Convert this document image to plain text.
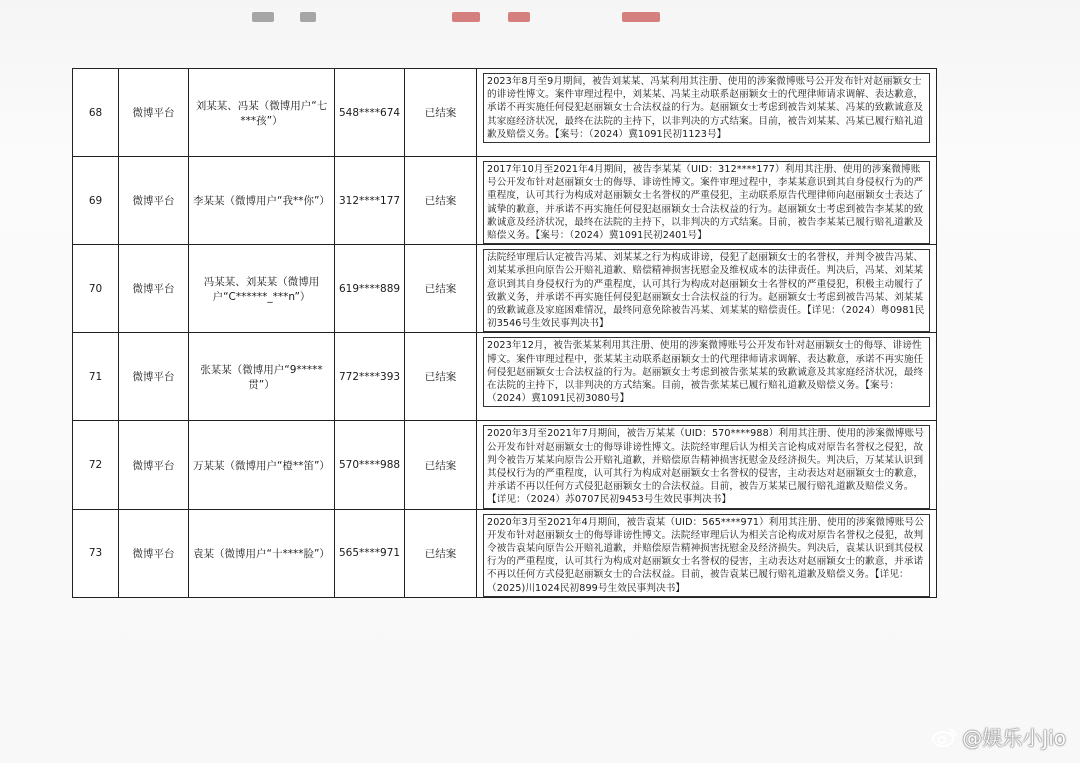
68	微博平台	刘某某、冯某（微博用户“七***孩”）	548****674	已结案	2023年8月至9月期间，被告刘某某、冯某利用其注册、使用的涉案微博账号公开发布针对赵丽颖女士的诽谤性博文。案件审理过程中，刘某某、冯某主动联系赵丽颖女士的代理律师请求调解、表达歉意，承诺不再实施任何侵犯赵丽颖女士合法权益的行为。赵丽颖女士考虑到被告刘某某、冯某的致歉诚意及其家庭经济状况，最终在法院的主持下，以非判决的方式结案。目前，被告刘某某、冯某已履行赔礼道歉及赔偿义务。【案号：（2024）冀1091民初1123号】

69	微博平台	李某某（微博用户“我**你”）	312****177	已结案	2017年10月至2021年4月期间，被告李某某（UID：312****177）利用其注册、使用的涉案微博账号公开发布针对赵丽颖女士的侮辱、诽谤性博文。案件审理过程中，李某某意识到其自身侵权行为的严重程度，认可其行为构成对赵丽颖女士名誉权的严重侵犯，主动联系原告代理律师向赵丽颖女士表达了诚挚的歉意，并承诺不再实施任何侵犯赵丽颖女士合法权益的行为。赵丽颖女士考虑到被告李某某的致歉诚意及经济状况，最终在法院的主持下，以非判决的方式结案。目前，被告李某某已履行赔礼道歉及赔偿义务。【案号：（2024）冀1091民初2401号】

70	微博平台	冯某某、刘某某（微博用户“C******_***n”）	619****889	已结案	法院经审理后认定被告冯某、刘某某之行为构成诽谤，侵犯了赵丽颖女士的名誉权，并判令被告冯某、刘某某承担向原告公开赔礼道歉、赔偿精神损害抚慰金及维权成本的法律责任。判决后，冯某、刘某某意识到其自身侵权行为的严重程度，认可其行为构成对赵丽颖女士名誉权的严重侵犯，积极主动履行了致歉义务，并承诺不再实施任何侵犯赵丽颖女士合法权益的行为。赵丽颖女士考虑到被告冯某、刘某某的致歉诚意及家庭困难情况，最终同意免除被告冯某、刘某某的赔偿责任。【详见：（2024）粤0981民初3546号生效民事判决书】

71	微博平台	张某某（微博用户“9*****贯”）	772****393	已结案	2023年12月，被告张某某利用其注册、使用的涉案微博账号公开发布针对赵丽颖女士的侮辱、诽谤性博文。案件审理过程中，张某某主动联系赵丽颖女士的代理律师请求调解、表达歉意，承诺不再实施任何侵犯赵丽颖女士合法权益的行为。赵丽颖女士考虑到被告张某某的致歉诚意及其家庭经济状况，最终在法院的主持下，以非判决的方式结案。目前，被告张某某已履行赔礼道歉及赔偿义务。【案号：（2024）冀1091民初3080号】

72	微博平台	万某某（微博用户“橙**笛”）	570****988	已结案	2020年3月至2021年7月期间，被告万某某（UID：570****988）利用其注册、使用的涉案微博账号公开发布针对赵丽颖女士的侮辱诽谤性博文。法院经审理后认为相关言论构成对原告名誉权之侵犯，故判令被告万某某向原告公开赔礼道歉，并赔偿原告精神损害抚慰金及经济损失。判决后，万某某认识到其侵权行为的严重程度，认可其行为构成对赵丽颖女士名誉权的侵害，主动表达对赵丽颖女士的歉意，并承诺不再以任何方式侵犯赵丽颖女士的合法权益。目前，被告万某某已履行赔礼道歉及赔偿义务。【详见：（2024）苏0707民初9453号生效民事判决书】

73	微博平台	袁某（微博用户“十****脸”）	565****971	已结案	2020年3月至2021年4月期间，被告袁某（UID：565****971）利用其注册、使用的涉案微博账号公开发布针对赵丽颖女士的侮辱诽谤性博文。法院经审理后认为相关言论构成对原告名誉权之侵犯，故判令被告袁某向原告公开赔礼道歉，并赔偿原告精神损害抚慰金及经济损失。判决后，袁某认识到其侵权行为的严重程度，认可其行为构成对赵丽颖女士名誉权的侵害，主动表达对赵丽颖女士的歉意，并承诺不再以任何方式侵犯赵丽颖女士的合法权益。目前，被告袁某已履行赔礼道歉及赔偿义务。【详见：（2025)川1024民初899号生效民事判决书】
@娱乐小Jio
